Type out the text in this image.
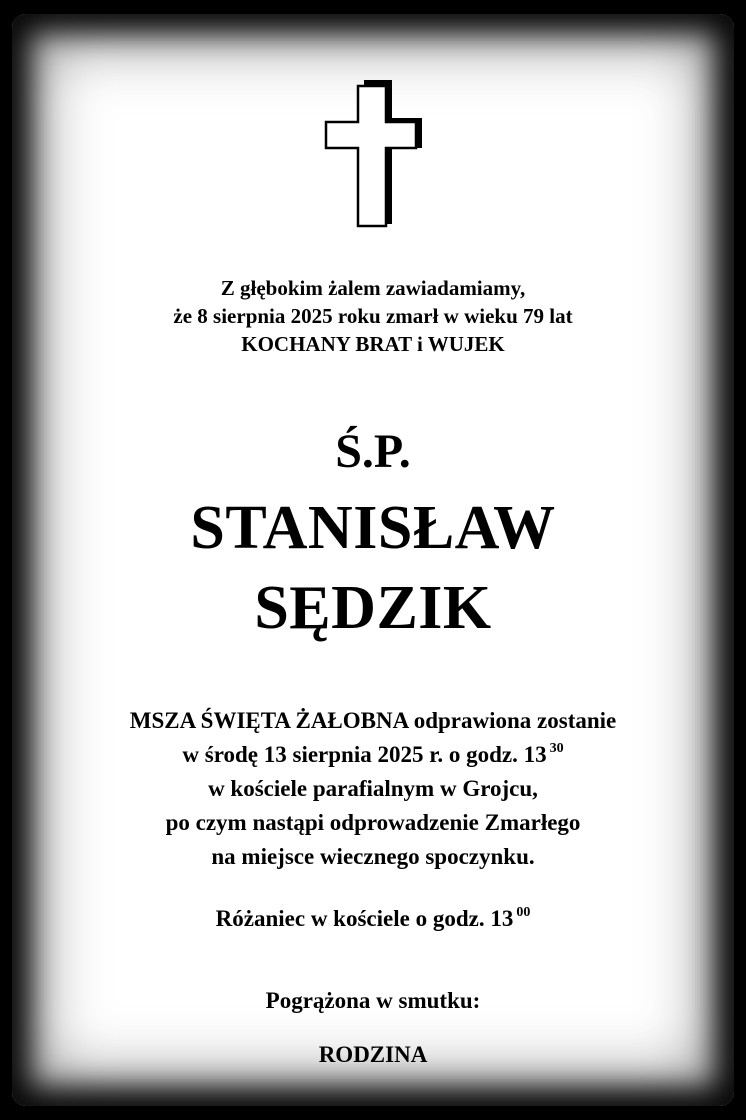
Z głębokim żalem zawiadamiamy,
że 8 sierpnia 2025 roku zmarł w wieku 79 lat
KOCHANY BRAT i WUJEK
Ś.P.
STANISŁAW
SĘDZIK
MSZA ŚWIĘTA ŻAŁOBNA odprawiona zostanie
w środę 13 sierpnia 2025 r. o godz. 13 $^{30}$
w kościele parafialnym w Grojcu,
po czym nastąpi odprowadzenie Zmarłego
na miejsce wiecznego spoczynku.
Różaniec w kościele o godz. 13 $^{00}$
Pogrążona w smutku:
RODZINA
